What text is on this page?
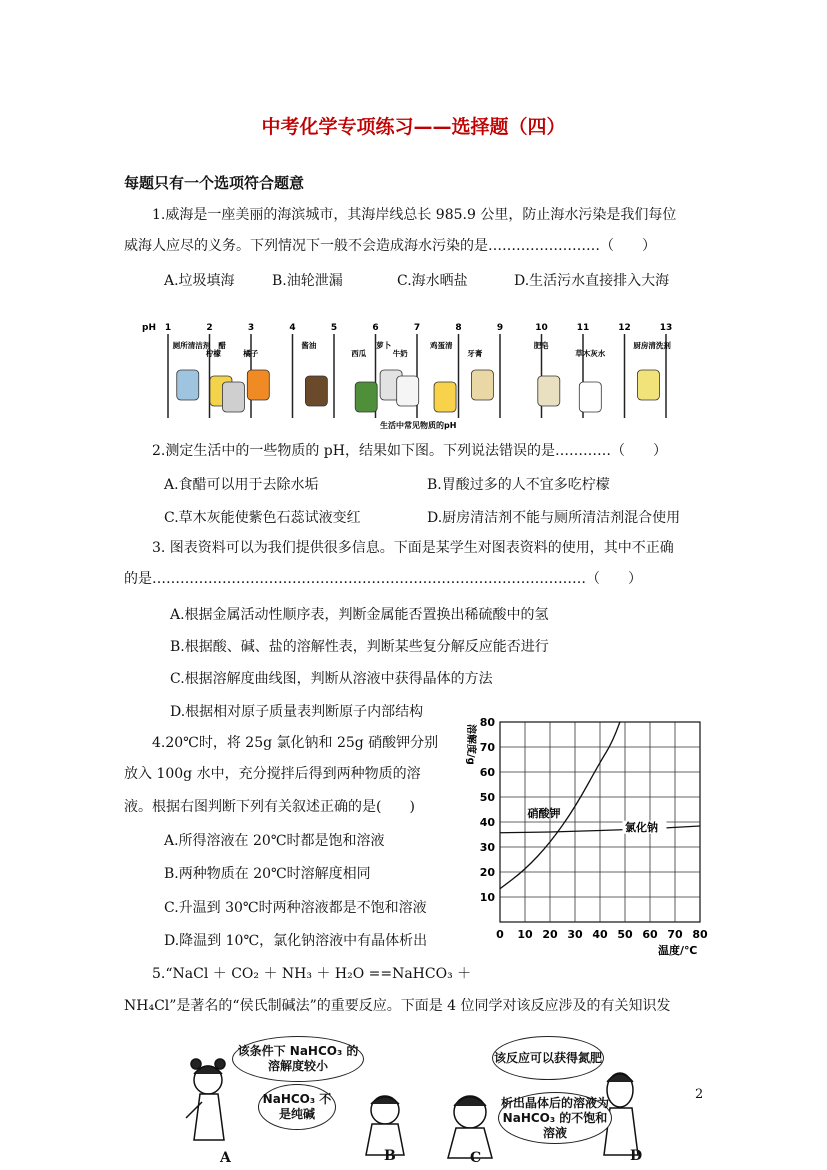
中考化学专项练习——选择题（四）
每题只有一个选项符合题意
1.威海是一座美丽的海滨城市，其海岸线总长 985.9 公里，防止海水污染是我们每位
威海人应尽的义务。下列情况下一般不会造成海水污染的是……………………（　　）
A.垃圾填海	B.油轮泄漏	C.海水晒盐	D.生活污水直接排入大海
pH 1	2	3	4	5	6	7	8	9	10	11	12	13
厕所清洁剂
柠檬
醋
橘子
酱油
西瓜
萝卜
牛奶
鸡蛋清
牙膏
肥皂
草木灰水
厨房清洗剂
生活中常见物质的pH
2.测定生活中的一些物质的 pH，结果如下图。下列说法错误的是…………（　　）
A.食醋可以用于去除水垢	B.胃酸过多的人不宜多吃柠檬
C.草木灰能使紫色石蕊试液变红	D.厨房清洁剂不能与厕所清洁剂混合使用
3. 图表资料可以为我们提供很多信息。下面是某学生对图表资料的使用，其中不正确
的是…………………………………………………………………………………（　　）
A.根据金属活动性顺序表，判断金属能否置换出稀硫酸中的氢
B.根据酸、碱、盐的溶解性表，判断某些复分解反应能否进行
C.根据溶解度曲线图，判断从溶液中获得晶体的方法
D.根据相对原子质量表判断原子内部结构
4.20℃时，将 25g 氯化钠和 25g 硝酸钾分别
放入 100g 水中，充分搅拌后得到两种物质的溶
液。根据右图判断下列有关叙述正确的是(　　)
A.所得溶液在 20℃时都是饱和溶液
B.两种物质在 20℃时溶解度相同
C.升温到 30℃时两种溶液都是不饱和溶液
D.降温到 10℃，氯化钠溶液中有晶体析出
10
20
30
40
50
60
70
80
0 10 20 30 40 50 60 70 80
硝酸钾
氯化钠
溶解度/g
温度/℃
5.“NaCl ＋ CO₂ ＋ NH₃ ＋ H₂O ==NaHCO₃ ＋
NH₄Cl”是著名的“侯氏制碱法”的重要反应。下面是 4 位同学对该反应涉及的有关知识发
该条件下 NaHCO₃ 的溶解度较小
NaHCO₃ 不是纯碱
该反应可以获得氮肥
析出晶体后的溶液为 NaHCO₃ 的不饱和溶液
A	B	C	D
2
